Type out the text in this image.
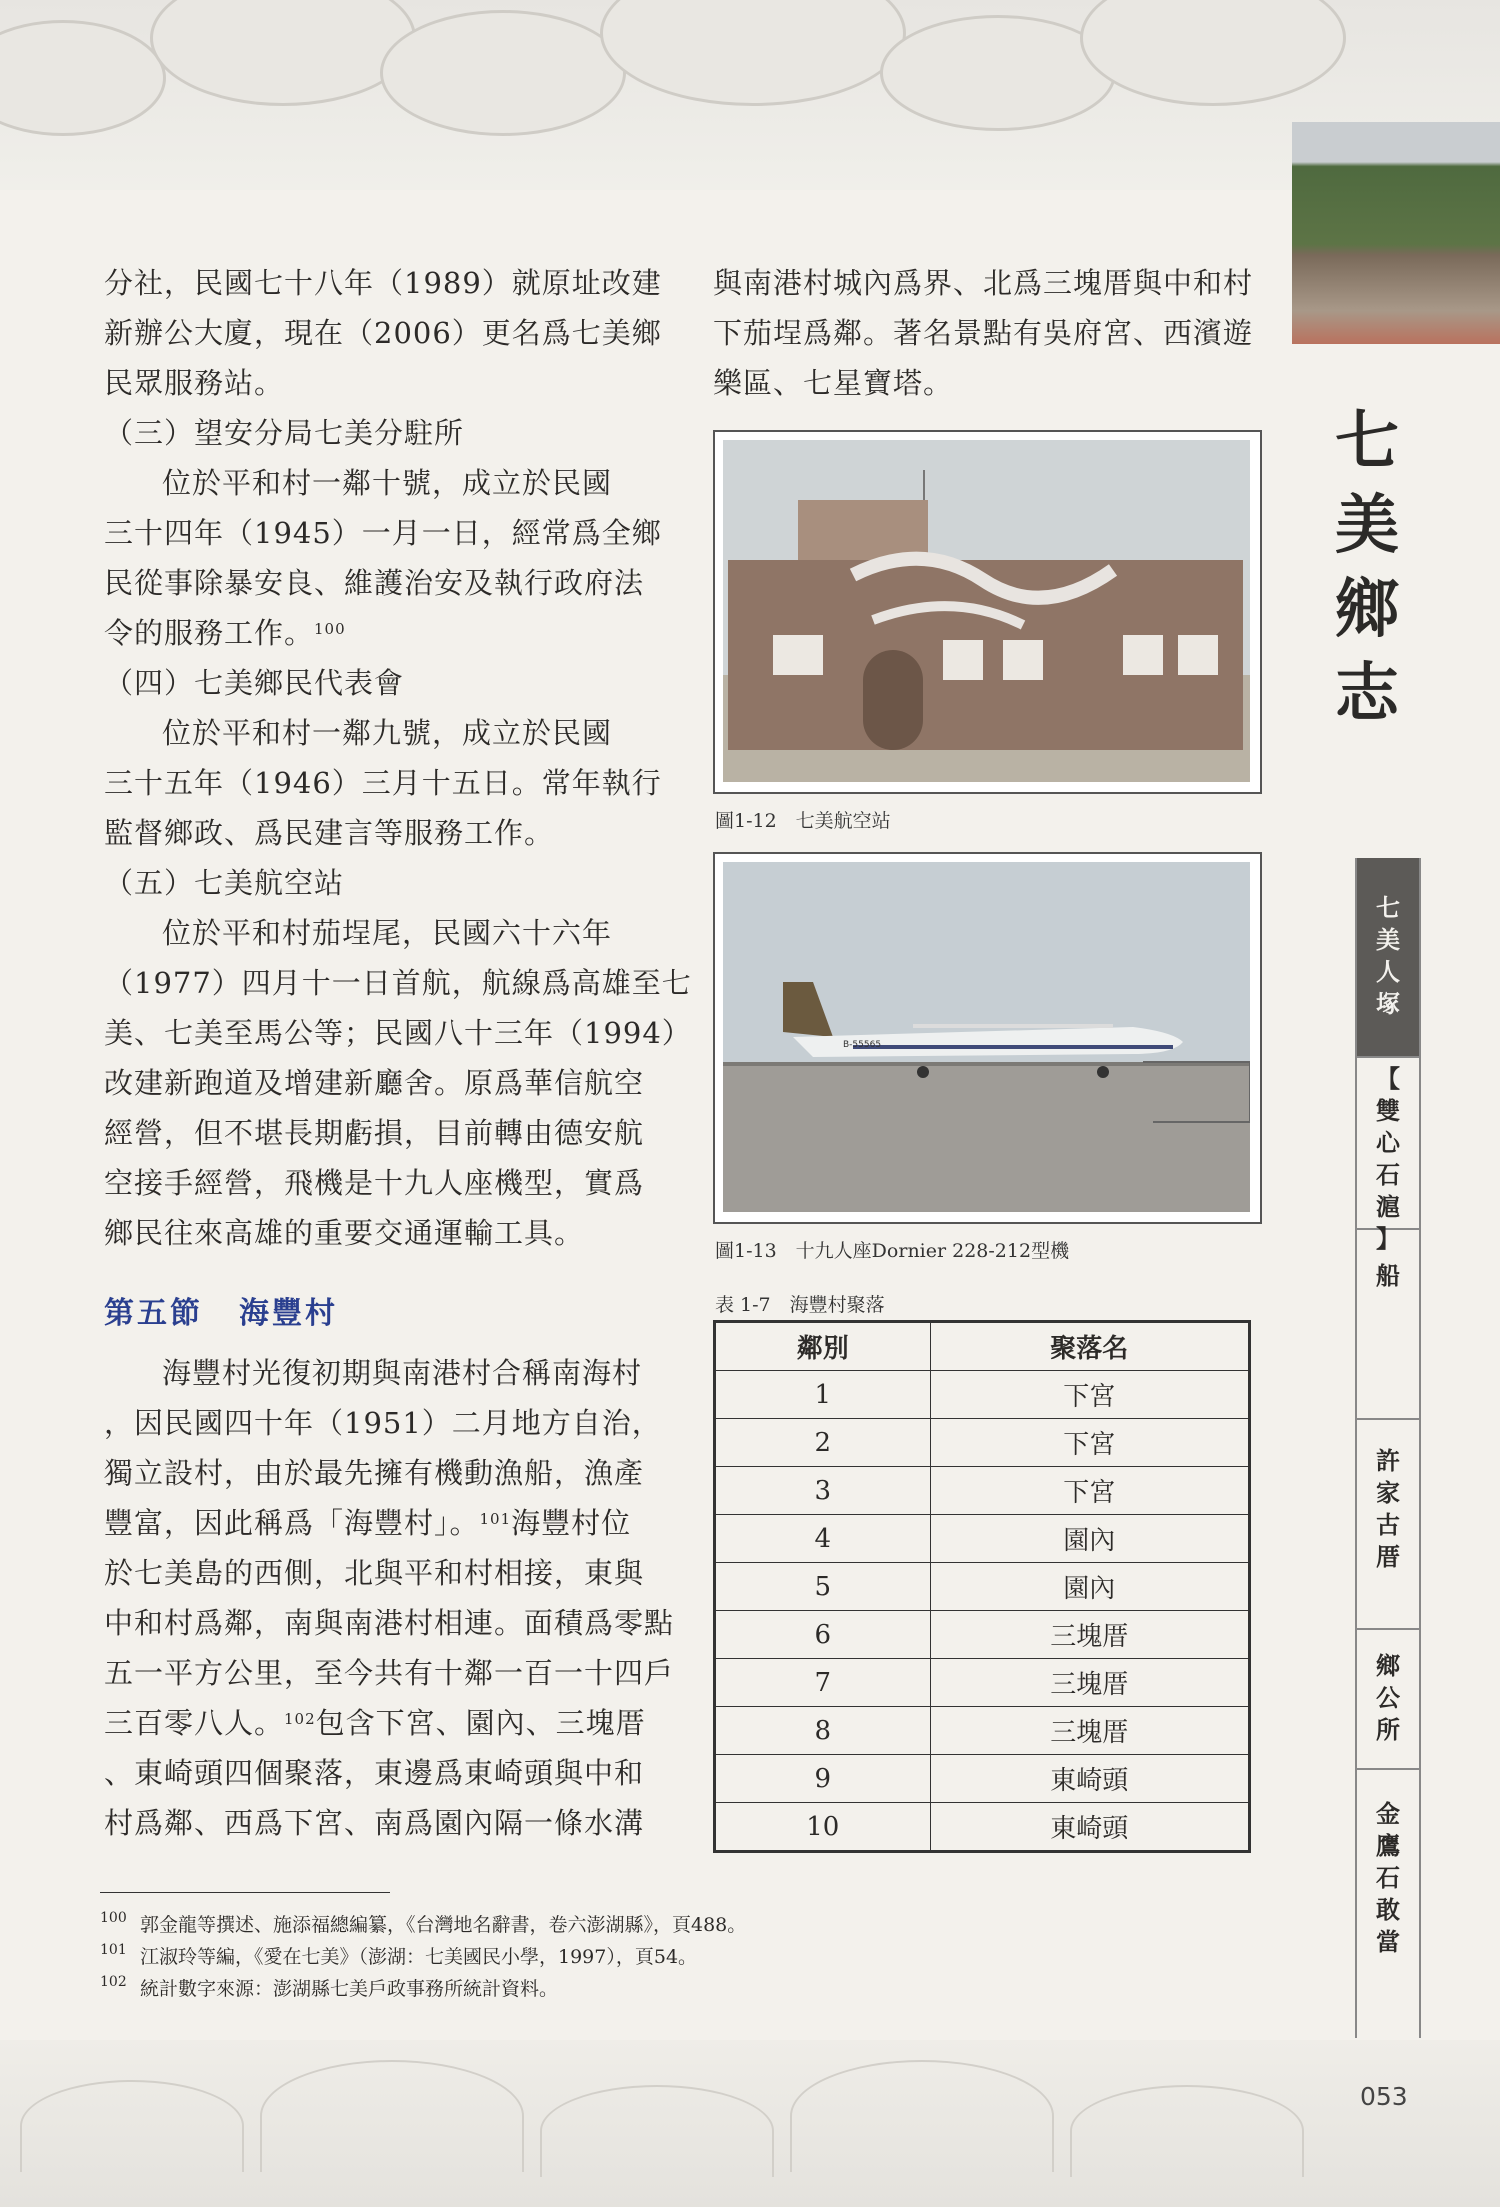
七
美
鄉
志

分社，民國七十八年（1989）就原址改建

新辦公大廈，現在（2006）更名爲七美鄉

民眾服務站。

（三）望安分局七美分駐所

位於平和村一鄰十號，成立於民國

三十四年（1945）一月一日，經常爲全鄉

民從事除暴安良、維護治安及執行政府法

令的服務工作。$^{100}$

（四）七美鄉民代表會

位於平和村一鄰九號，成立於民國

三十五年（1946）三月十五日。常年執行

監督鄉政、爲民建言等服務工作。

（五）七美航空站

位於平和村茄埕尾，民國六十六年

（1977）四月十一日首航，航線爲高雄至七

美、七美至馬公等；民國八十三年（1994）

改建新跑道及增建新廳舍。原爲華信航空

經營，但不堪長期虧損，目前轉由德安航

空接手經營，飛機是十九人座機型，實爲

鄉民往來高雄的重要交通運輸工具。

第五節 海豐村

海豐村光復初期與南港村合稱南海村

，因民國四十年（1951）二月地方自治，

獨立設村，由於最先擁有機動漁船，漁產

豐富，因此稱爲「海豐村」。$^{101}$海豐村位

於七美島的西側，北與平和村相接，東與

中和村爲鄰，南與南港村相連。面積爲零點

五一平方公里，至今共有十鄰一百一十四戶

三百零八人。$^{102}$包含下宮、園內、三塊厝

、東崎頭四個聚落，東邊爲東崎頭與中和

村爲鄰、西爲下宮、南爲園內隔一條水溝

與南港村城內爲界、北爲三塊厝與中和村

下茄埕爲鄰。著名景點有吳府宮、西濱遊

樂區、七星寶塔。

圖1-12　七美航空站
B-55565
圖1-13　十九人座Dornier 228-212型機
表 1-7　海豐村聚落
鄰別	聚落名
1	下宮
2	下宮
3	下宮
4	園內
5	園內
6	三塊厝
7	三塊厝
8	三塊厝
9	東崎頭
10	東崎頭
100 郭金龍等撰述、施添福總編纂，《台灣地名辭書，卷六澎湖縣》，頁488。
101 江淑玲等編，《愛在七美》（澎湖：七美國民小學，1997），頁54。
102 統計數字來源：澎湖縣七美戶政事務所統計資料。
七
美
人
塚
【
雙
心
石
滬
】
船
許
家
古
厝
鄉
公
所
金
鷹
石
敢
當
053
